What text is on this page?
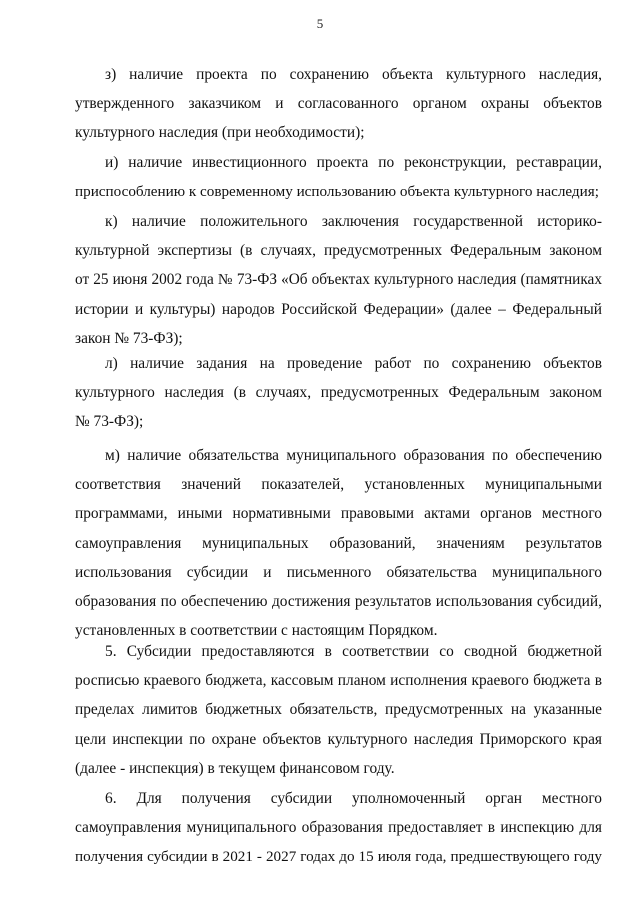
5
з) наличие проекта по сохранению объекта культурного наследия,
утвержденного заказчиком и согласованного органом охраны объектов
культурного наследия (при необходимости);
и) наличие инвестиционного проекта по реконструкции, реставрации,
приспособлению к современному использованию объекта культурного наследия;
к) наличие положительного заключения государственной историко-
культурной экспертизы (в случаях, предусмотренных Федеральным законом
от 25 июня 2002 года № 73-ФЗ «Об объектах культурного наследия (памятниках
истории и культуры) народов Российской Федерации» (далее – Федеральный
закон № 73-ФЗ);
л) наличие задания на проведение работ по сохранению объектов
культурного наследия (в случаях, предусмотренных Федеральным законом
№ 73-ФЗ);
м) наличие обязательства муниципального образования по обеспечению
соответствия значений показателей, установленных муниципальными
программами, иными нормативными правовыми актами органов местного
самоуправления муниципальных образований, значениям результатов
использования субсидии и письменного обязательства муниципального
образования по обеспечению достижения результатов использования субсидий,
установленных в соответствии с настоящим Порядком.
5. Субсидии предоставляются в соответствии со сводной бюджетной
росписью краевого бюджета, кассовым планом исполнения краевого бюджета в
пределах лимитов бюджетных обязательств, предусмотренных на указанные
цели инспекции по охране объектов культурного наследия Приморского края
(далее - инспекция) в текущем финансовом году.
6. Для получения субсидии уполномоченный орган местного
самоуправления муниципального образования предоставляет в инспекцию для
получения субсидии в 2021 - 2027 годах до 15 июля года, предшествующего году
